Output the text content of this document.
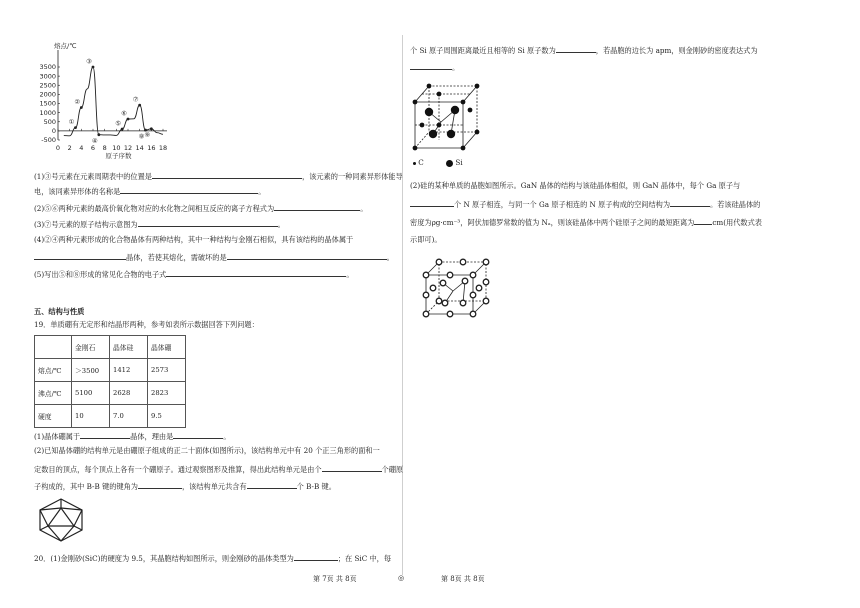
熔点/℃
原子序数
3500
3000
2500
2000
1500
1000
500
0
-500
0 2 4 6 8 10 12 14 16 18
①
②
③
④
⑤
⑥
⑦
⑧ ⑨
(1)③号元素在元素周期表中的位置是	，该元素的一种同素异形体能导
电，该同素异形体的名称是	。
(2)⑤⑥两种元素的最高价氧化物对应的水化物之间相互反应的离子方程式为	。
(3)⑦号元素的原子结构示意图为	。
(4)②④两种元素形成的化合物晶体有两种结构，其中一种结构与金刚石相似，具有该结构的晶体属于
晶体，若使其熔化，需破坏的是	。
(5)写出⑤和⑧形成的常见化合物的电子式	。
五、结构与性质
19．单质硼有无定形和结晶形两种，参考如表所示数据回答下列问题：
	金刚石	晶体硅	晶体硼
熔点/℃	＞3500	1412	2573
沸点/℃	5100	2628	2823
硬度	10	7.0	9.5
(1)晶体硼属于	晶体，理由是	。
(2)已知晶体硼的结构单元是由硼原子组成的正二十面体(如图所示)，该结构单元中有 20 个正三角形的面和一
定数目的顶点，每个顶点上各有一个硼原子。通过观察图形及推算，得出此结构单元是由个	个硼原
子构成的，其中 B-B 键的键角为	，该结构单元共含有	个 B-B 键。
20．(1)金刚砂(SiC)的硬度为 9.5，其晶胞结构如图所示，则金刚砂的晶体类型为	；在 SiC 中，每
第 7页 共 8页	◎
个 Si 原子周围距离最近且相等的 Si 原子数为	，若晶胞的边长为 apm，则金刚砂的密度表达式为
。
C	Si
(2)硅的某种单质的晶胞如图所示。GaN 晶体的结构与该硅晶体相似，则 GaN 晶体中，每个 Ga 原子与
个 N 原子相连，与同一个 Ga 原子相连的 N 原子构成的空间结构为	。若该硅晶体的
密度为ρg·cm⁻³，阿伏加德罗常数的值为 Nₐ，则该硅晶体中两个硅原子之间的最短距离为	cm(用代数式表
示即可)。
第 8页 共 8页
